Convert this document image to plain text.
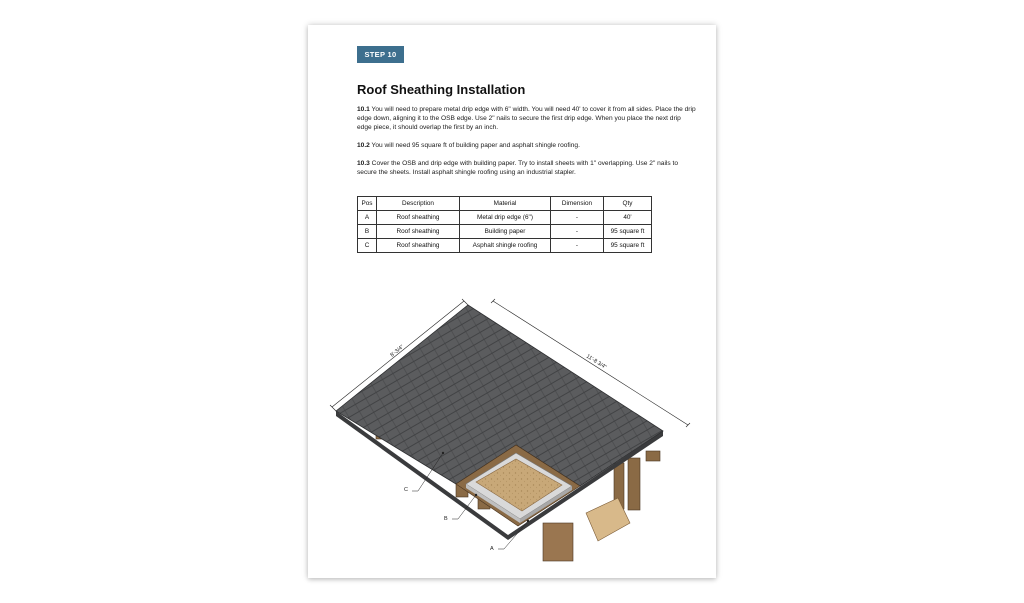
STEP 10
Roof Sheathing Installation

10.1 You will need to prepare metal drip edge with 6" width. You will need 40' to cover it from all sides. Place the drip edge down, aligning it to the OSB edge. Use 2" nails to secure the first drip edge. When you place the next drip edge piece, it should overlap the first by an inch.

10.2 You will need 95 square ft of building paper and asphalt shingle roofing.

10.3 Cover the OSB and drip edge with building paper. Try to install sheets with 1" overlapping. Use 2" nails to secure the sheets. Install asphalt shingle roofing using an industrial stapler.

Pos	Description	Material	Dimension	Qty
A	Roof sheathing	Metal drip edge (6")	-	40'
B	Roof sheathing	Building paper	-	95 square ft
C	Roof sheathing	Asphalt shingle roofing	-	95 square ft
8'-3/4"
11'-8 3/4"
C
B
A
